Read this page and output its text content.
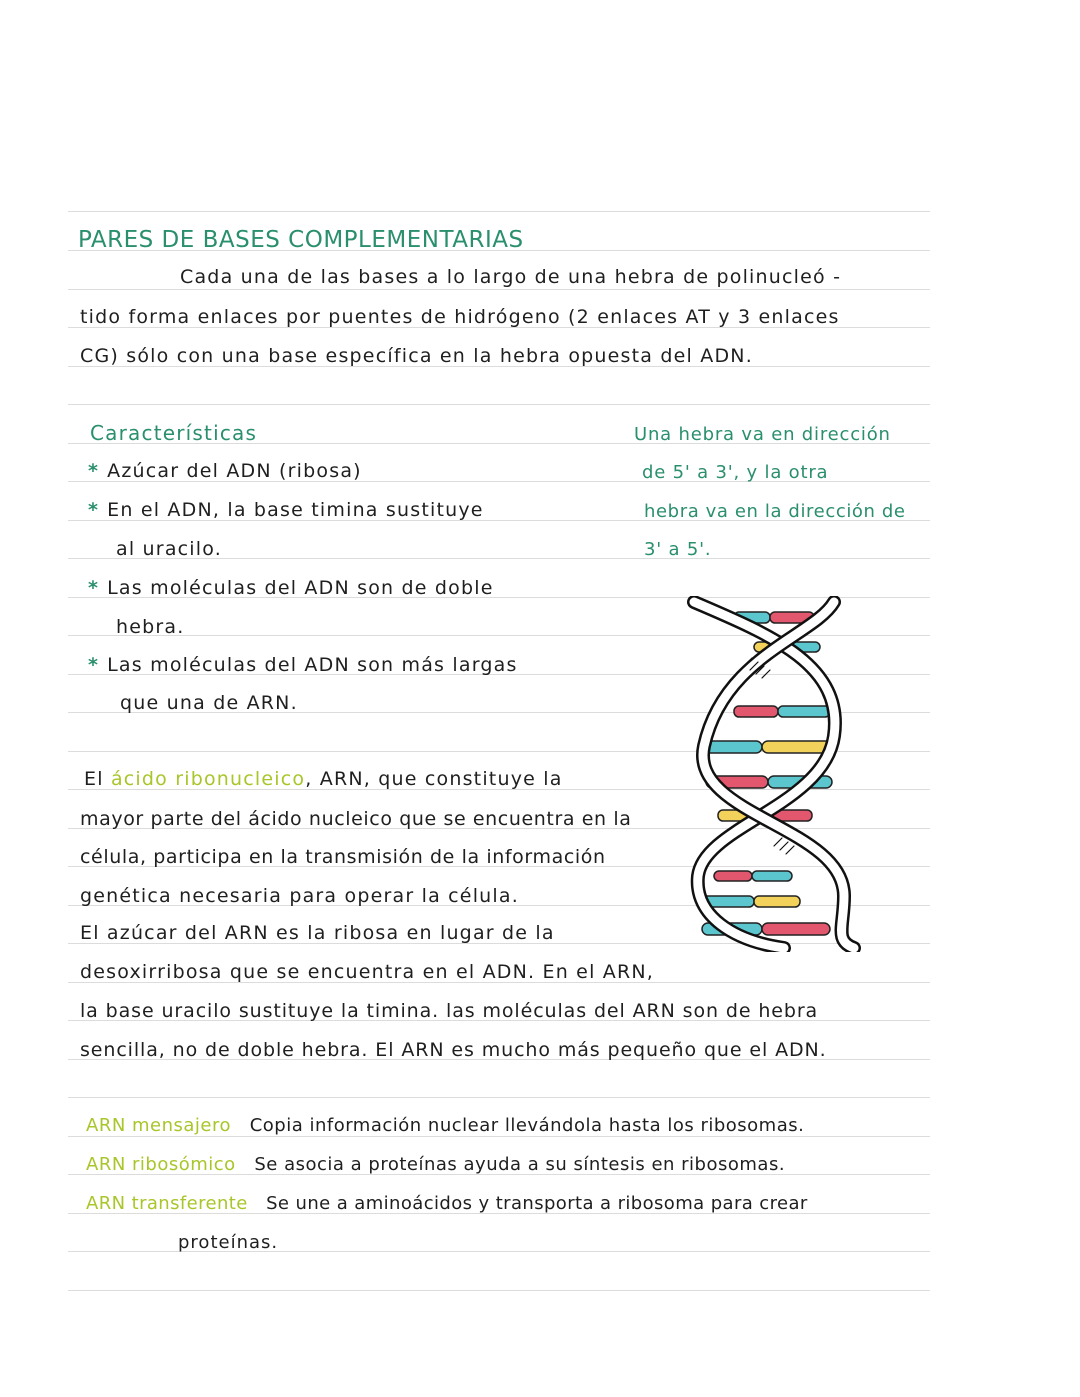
PARES DE BASES COMPLEMENTARIAS
Cada una de las bases a lo largo de una hebra de polinucleó -
tido forma enlaces por puentes de hidrógeno (2 enlaces AT y 3 enlaces
CG) sólo con una base específica en la hebra opuesta del ADN.
Características
* Azúcar del ADN (ribosa)
* En el ADN, la base timina sustituye
al uracilo.
* Las moléculas del ADN son de doble
hebra.
* Las moléculas del ADN son más largas
que una de ARN.
Una hebra va en dirección
de 5' a 3', y la otra
hebra va en la dirección de
3' a 5'.
El ácido ribonucleico, ARN, que constituye la
mayor parte del ácido nucleico que se encuentra en la
célula, participa en la transmisión de la información
genética necesaria para operar la célula.
El azúcar del ARN es la ribosa en lugar de la
desoxirribosa que se encuentra en el ADN. En el ARN,
la base uracilo sustituye la timina. las moléculas del ARN son de hebra
sencilla, no de doble hebra. El ARN es mucho más pequeño que el ADN.
ARN mensajero Copia información nuclear llevándola hasta los ribosomas.
ARN ribosómico Se asocia a proteínas ayuda a su síntesis en ribosomas.
ARN transferente Se une a aminoácidos y transporta a ribosoma para crear
proteínas.
